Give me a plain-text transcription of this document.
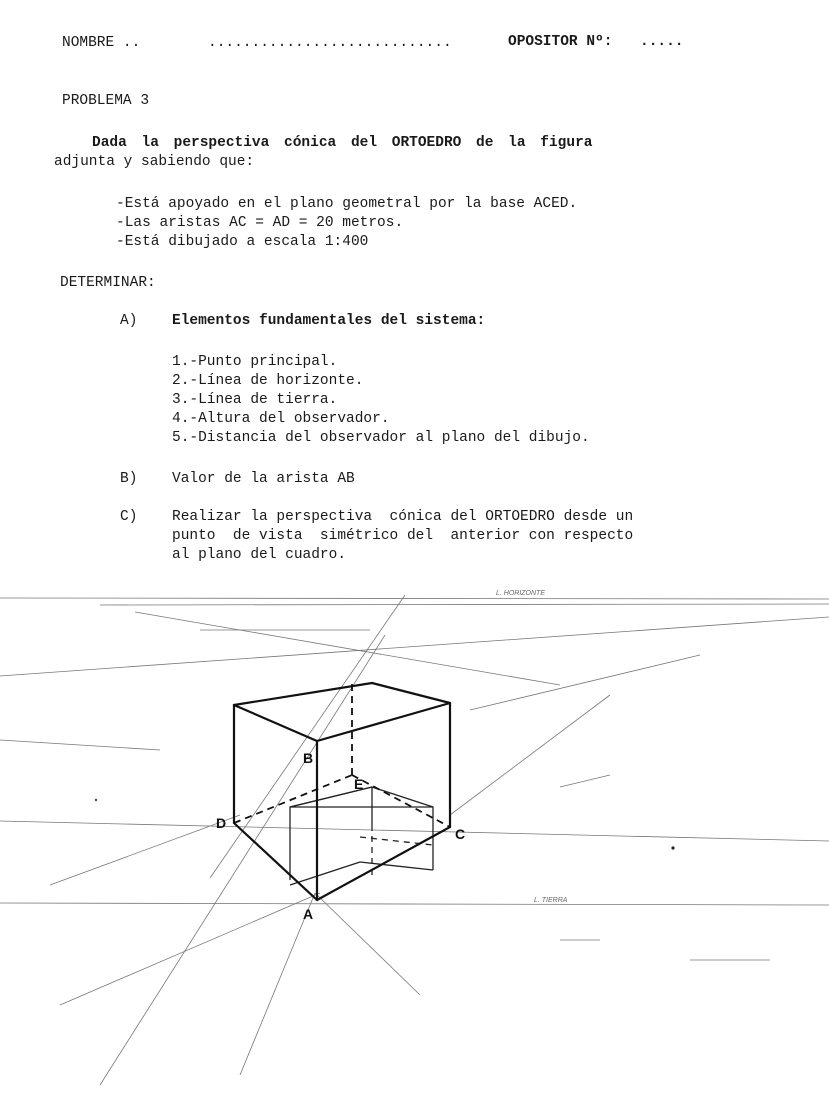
NOMBRE ..	............................	OPOSITOR Nº: .....
PROBLEMA 3
Dada la perspectiva cónica del ORTOEDRO de la figura
adjunta y sabiendo que:
-Está apoyado en el plano geometral por la base ACED.
-Las aristas AC = AD = 20 metros.
-Está dibujado a escala 1:400
DETERMINAR:
A) Elementos fundamentales del sistema:
1.-Punto principal.
2.-Línea de horizonte.
3.-Línea de tierra.
4.-Altura del observador.
5.-Distancia del observador al plano del dibujo.
B) Valor de la arista AB
C) Realizar la perspectiva  cónica del ORTOEDRO desde un
punto  de vista  simétrico del  anterior con respecto
al plano del cuadro.
A
B
C
D
E
L. HORIZONTE
L. TIERRA
